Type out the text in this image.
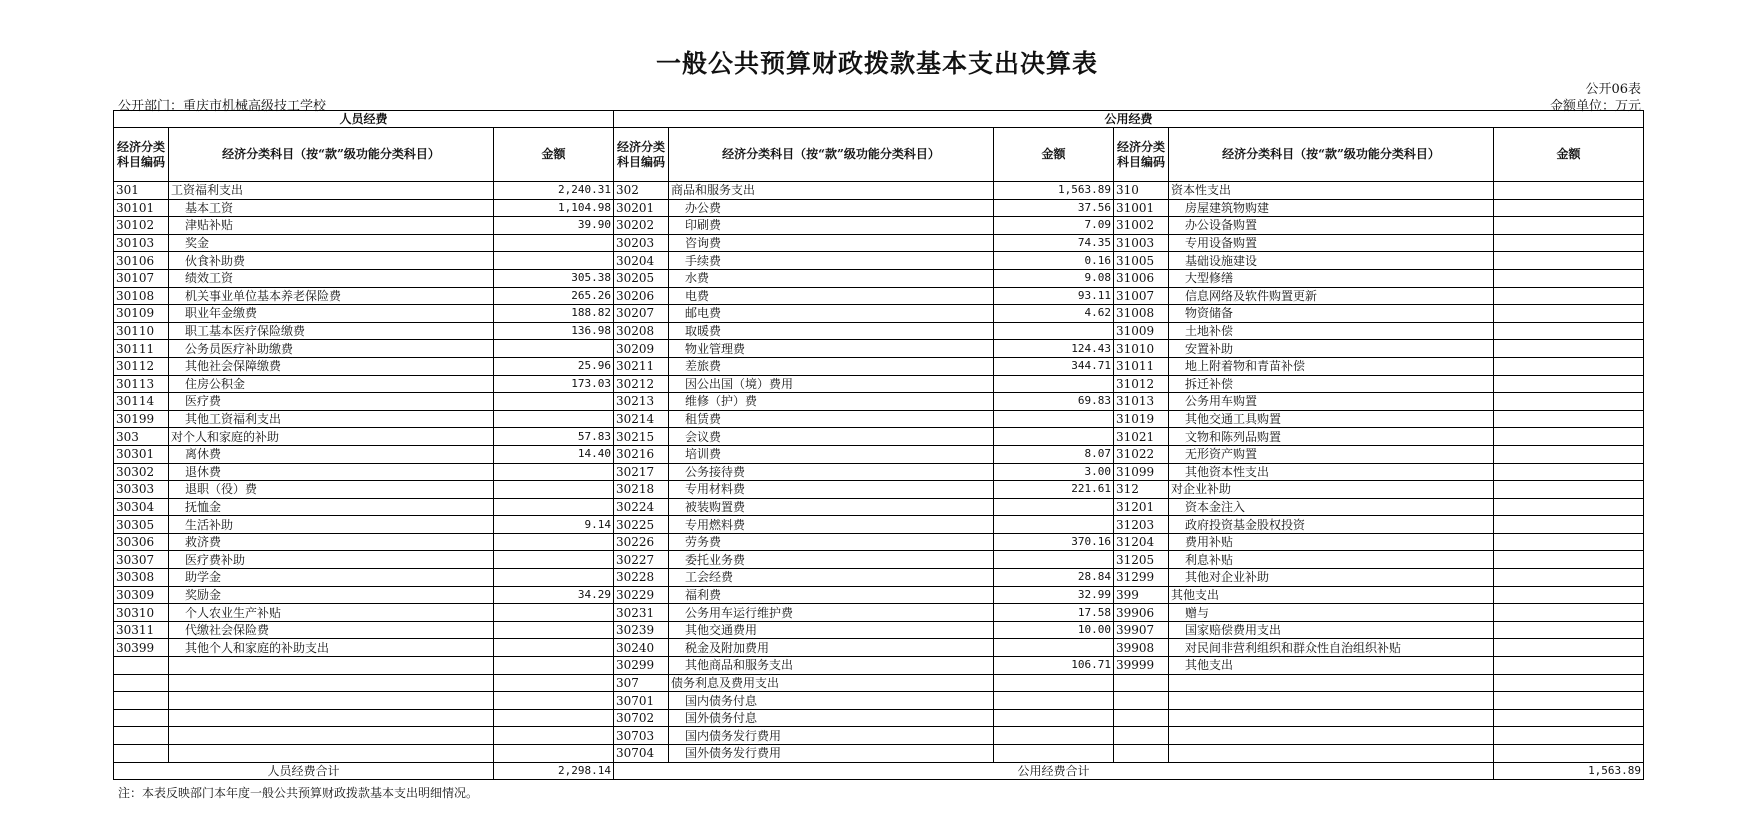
一般公共预算财政拨款基本支出决算表
公开06表
公开部门：重庆市机械高级技工学校	金额单位：万元
人员经费			公用经费					
经济分类科目编码	经济分类科目（按“款”级功能分类科目）	金额	经济分类科目编码	经济分类科目（按“款”级功能分类科目）	金额	经济分类科目编码	经济分类科目（按“款”级功能分类科目）	金额
301	工资福利支出	2,240.31	302	商品和服务支出	1,563.89	310	资本性支出	
30101	基本工资	1,104.98	30201	办公费	37.56	31001	房屋建筑物购建	
30102	津贴补贴	39.90	30202	印刷费	7.09	31002	办公设备购置	
30103	奖金		30203	咨询费	74.35	31003	专用设备购置	
30106	伙食补助费		30204	手续费	0.16	31005	基础设施建设	
30107	绩效工资	305.38	30205	水费	9.08	31006	大型修缮	
30108	机关事业单位基本养老保险费	265.26	30206	电费	93.11	31007	信息网络及软件购置更新	
30109	职业年金缴费	188.82	30207	邮电费	4.62	31008	物资储备	
30110	职工基本医疗保险缴费	136.98	30208	取暖费		31009	土地补偿	
30111	公务员医疗补助缴费		30209	物业管理费	124.43	31010	安置补助	
30112	其他社会保障缴费	25.96	30211	差旅费	344.71	31011	地上附着物和青苗补偿	
30113	住房公积金	173.03	30212	因公出国（境）费用		31012	拆迁补偿	
30114	医疗费		30213	维修（护）费	69.83	31013	公务用车购置	
30199	其他工资福利支出		30214	租赁费		31019	其他交通工具购置	
303	对个人和家庭的补助	57.83	30215	会议费		31021	文物和陈列品购置	
30301	离休费	14.40	30216	培训费	8.07	31022	无形资产购置	
30302	退休费		30217	公务接待费	3.00	31099	其他资本性支出	
30303	退职（役）费		30218	专用材料费	221.61	312	对企业补助	
30304	抚恤金		30224	被装购置费		31201	资本金注入	
30305	生活补助	9.14	30225	专用燃料费		31203	政府投资基金股权投资	
30306	救济费		30226	劳务费	370.16	31204	费用补贴	
30307	医疗费补助		30227	委托业务费		31205	利息补贴	
30308	助学金		30228	工会经费	28.84	31299	其他对企业补助	
30309	奖励金	34.29	30229	福利费	32.99	399	其他支出	
30310	个人农业生产补贴		30231	公务用车运行维护费	17.58	39906	赠与	
30311	代缴社会保险费		30239	其他交通费用	10.00	39907	国家赔偿费用支出	
30399	其他个人和家庭的补助支出		30240	税金及附加费用		39908	对民间非营利组织和群众性自治组织补贴	
			30299	其他商品和服务支出	106.71	39999	其他支出	
			307	债务利息及费用支出				
			30701	国内债务付息				
			30702	国外债务付息				
			30703	国内债务发行费用				
			30704	国外债务发行费用				
人员经费合计		2,298.14	公用经费合计					1,563.89
注：本表反映部门本年度一般公共预算财政拨款基本支出明细情况。
